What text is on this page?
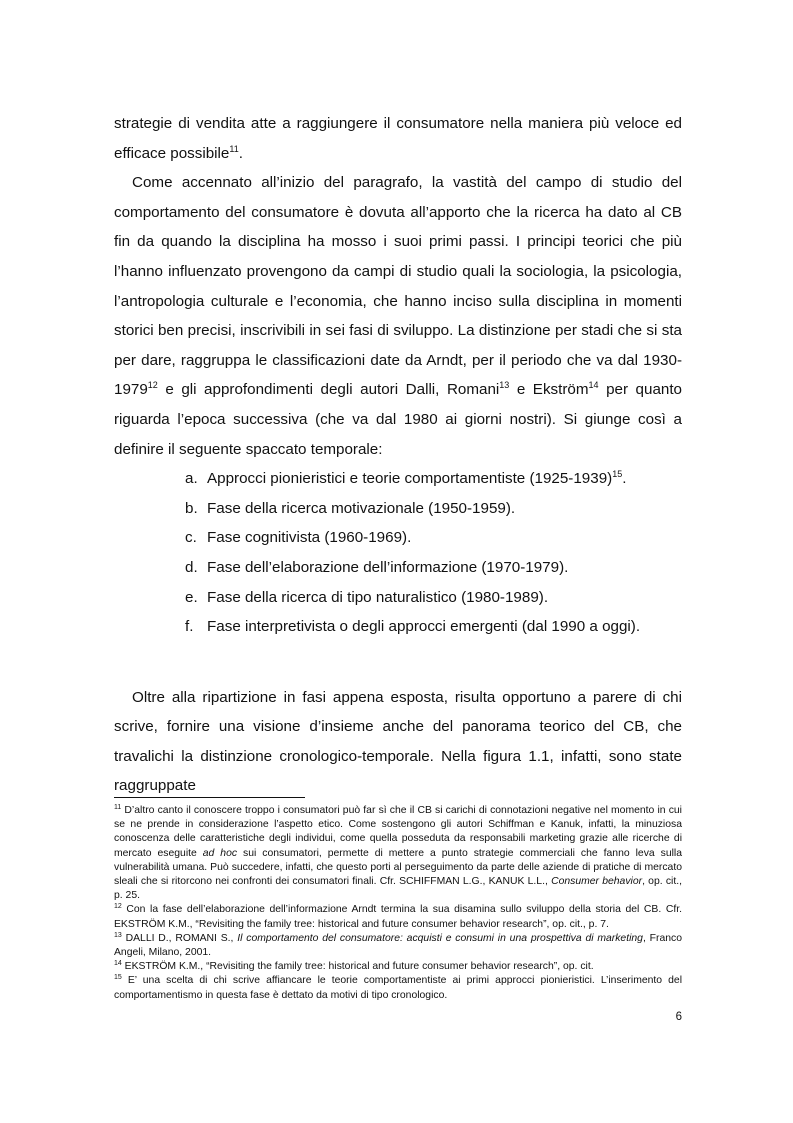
strategie di vendita atte a raggiungere il consumatore nella maniera più veloce ed efficace possibile$^{11}$.

Come accennato all’inizio del paragrafo, la vastità del campo di studio del comportamento del consumatore è dovuta all’apporto che la ricerca ha dato al CB fin da quando la disciplina ha mosso i suoi primi passi. I principi teorici che più l’hanno influenzato provengono da campi di studio quali la sociologia, la psicologia, l’antropologia culturale e l’economia, che hanno inciso sulla disciplina in momenti storici ben precisi, inscrivibili in sei fasi di sviluppo. La distinzione per stadi che si sta per dare, raggruppa le classificazioni date da Arndt, per il periodo che va dal 1930-1979$^{12}$ e gli approfondimenti degli autori Dalli, Romani$^{13}$ e Ekström$^{14}$ per quanto riguarda l’epoca successiva (che va dal 1980 ai giorni nostri). Si giunge così a definire il seguente spaccato temporale:

a. Approcci pionieristici e teorie comportamentiste (1925-1939)$^{15}$.
b. Fase della ricerca motivazionale (1950-1959).
c. Fase cognitivista (1960-1969).
d. Fase dell’elaborazione dell’informazione (1970-1979).
e. Fase della ricerca di tipo naturalistico (1980-1989).
f. Fase interpretivista o degli approcci emergenti (dal 1990 a oggi).

Oltre alla ripartizione in fasi appena esposta, risulta opportuno a parere di chi scrive, fornire una visione d’insieme anche del panorama teorico del CB, che travalichi la distinzione cronologico-temporale. Nella figura 1.1, infatti, sono state raggruppate

$^{11}$ D’altro canto il conoscere troppo i consumatori può far sì che il CB si carichi di connotazioni negative nel momento in cui se ne prende in considerazione l’aspetto etico. Come sostengono gli autori Schiffman e Kanuk, infatti, la minuziosa conoscenza delle caratteristiche degli individui, come quella posseduta da responsabili marketing grazie alle ricerche di mercato eseguite ad hoc sui consumatori, permette di mettere a punto strategie commerciali che fanno leva sulla vulnerabilità umana. Può succedere, infatti, che questo porti al perseguimento da parte delle aziende di pratiche di mercato sleali che si ritorcono nei confronti dei consumatori finali. Cfr. SCHIFFMAN L.G., KANUK L.L., Consumer behavior, op. cit., p. 25.

$^{12}$ Con la fase dell’elaborazione dell’informazione Arndt termina la sua disamina sullo sviluppo della storia del CB. Cfr. EKSTRÖM K.M., “Revisiting the family tree: historical and future consumer behavior research”, op. cit., p. 7.

$^{13}$ DALLI D., ROMANI S., Il comportamento del consumatore: acquisti e consumi in una prospettiva di marketing, Franco Angeli, Milano, 2001.

$^{14}$ EKSTRÖM K.M., “Revisiting the family tree: historical and future consumer behavior research”, op. cit.

$^{15}$ E’ una scelta di chi scrive affiancare le teorie comportamentiste ai primi approcci pionieristici. L’inserimento del comportamentismo in questa fase è dettato da motivi di tipo cronologico.

6
